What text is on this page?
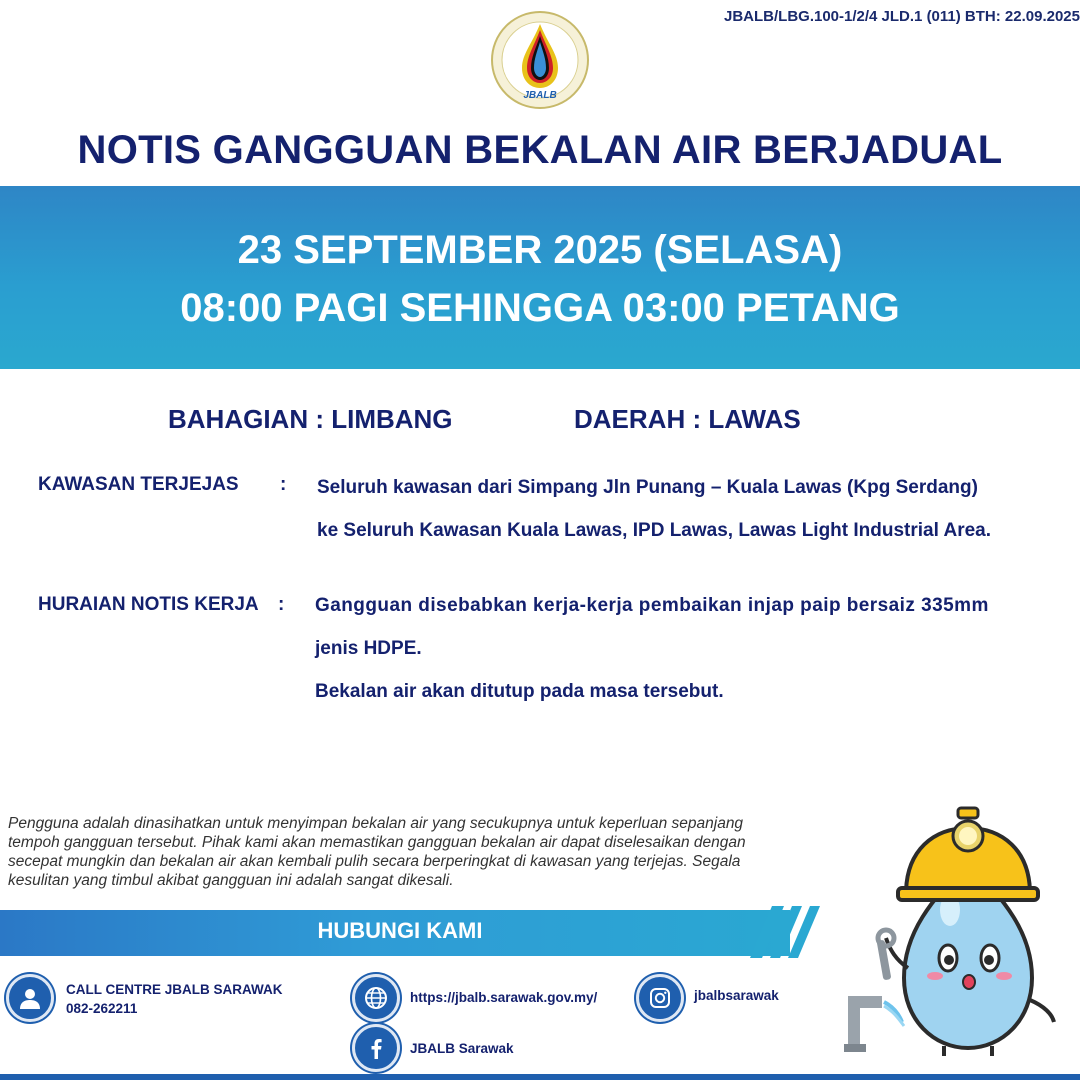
JBALB/LBG.100-1/2/4 JLD.1 (011) BTH: 22.09.2025
JBALB
NOTIS GANGGUAN BEKALAN AIR BERJADUAL
23 SEPTEMBER 2025 (SELASA)
08:00 PAGI SEHINGGA 03:00 PETANG
BAHAGIAN : LIMBANG	DAERAH : LAWAS
KAWASAN TERJEJAS : Seluruh kawasan dari Simpang Jln Punang – Kuala Lawas (Kpg Serdang)
ke Seluruh Kawasan Kuala Lawas, IPD Lawas, Lawas Light Industrial Area.
HURAIAN NOTIS KERJA : Gangguan disebabkan kerja-kerja pembaikan injap paip bersaiz 335mm
jenis HDPE.
Bekalan air akan ditutup pada masa tersebut.
Pengguna adalah dinasihatkan untuk menyimpan bekalan air yang secukupnya untuk keperluan sepanjang tempoh gangguan tersebut. Pihak kami akan memastikan gangguan bekalan air dapat diselesaikan dengan secepat mungkin dan bekalan air akan kembali pulih secara berperingkat di kawasan yang terjejas. Segala kesulitan yang timbul akibat gangguan ini adalah sangat dikesali.
HUBUNGI KAMI
CALL CENTRE JBALB SARAWAK
082-262211
https://jbalb.sarawak.gov.my/	jbalbsarawak
JBALB Sarawak
